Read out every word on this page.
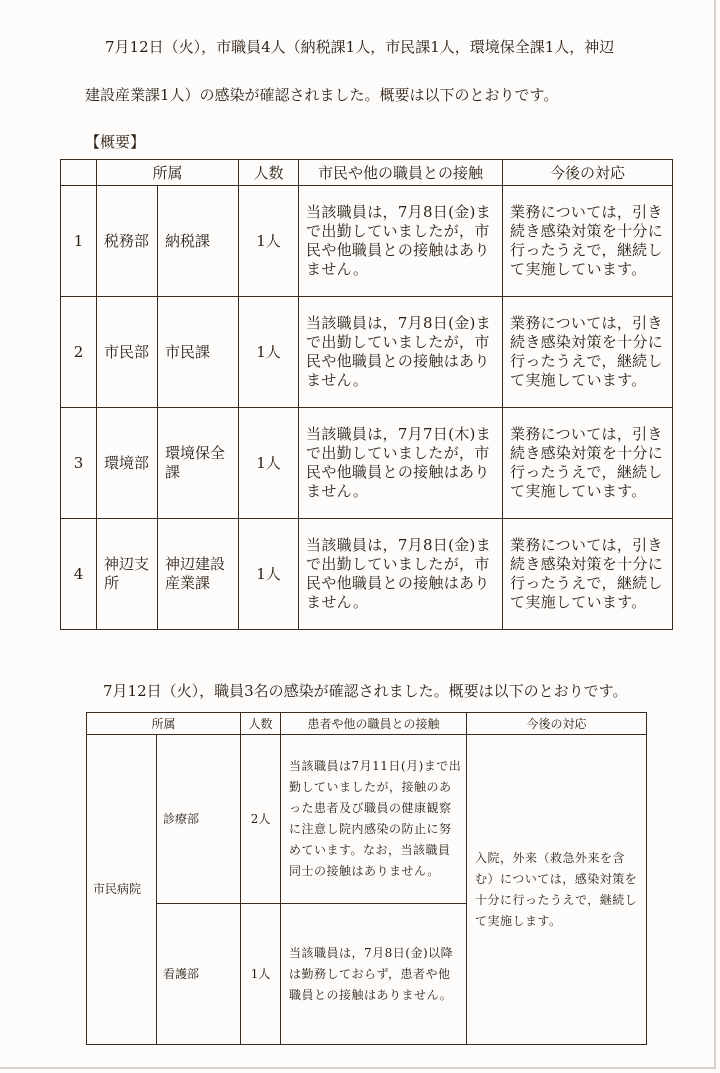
7月12日（火），市職員4人（納税課1人，市民課1人，環境保全課1人，神辺
建設産業課1人）の感染が確認されました。概要は以下のとおりです。
【概要】
	所属		人数	市民や他の職員との接触	今後の対応
1	税務部	納税課	1人	当該職員は，7月8日(金)まで出勤していましたが，市民や他職員との接触はありません。	業務については，引き続き感染対策を十分に行ったうえで，継続して実施しています。
2	市民部	市民課	1人	当該職員は，7月8日(金)まで出勤していましたが，市民や他職員との接触はありません。	業務については，引き続き感染対策を十分に行ったうえで，継続して実施しています。
3	環境部	環境保全課	1人	当該職員は，7月7日(木)まで出勤していましたが，市民や他職員との接触はありません。	業務については，引き続き感染対策を十分に行ったうえで，継続して実施しています。
4	神辺支所	神辺建設産業課	1人	当該職員は，7月8日(金)まで出勤していましたが，市民や他職員との接触はありません。	業務については，引き続き感染対策を十分に行ったうえで，継続して実施しています。
7月12日（火），職員3名の感染が確認されました。概要は以下のとおりです。
所属		人数	患者や他の職員との接触	今後の対応
市民病院	診療部	2人	当該職員は7月11日(月)まで出勤していましたが，接触のあった患者及び職員の健康観察に注意し院内感染の防止に努めています。なお，当該職員同士の接触はありません。	入院，外来（救急外来を含む）については，感染対策を十分に行ったうえで，継続して実施します。
	看護部	1人	当該職員は，7月8日(金)以降は勤務しておらず，患者や他職員との接触はありません。	
